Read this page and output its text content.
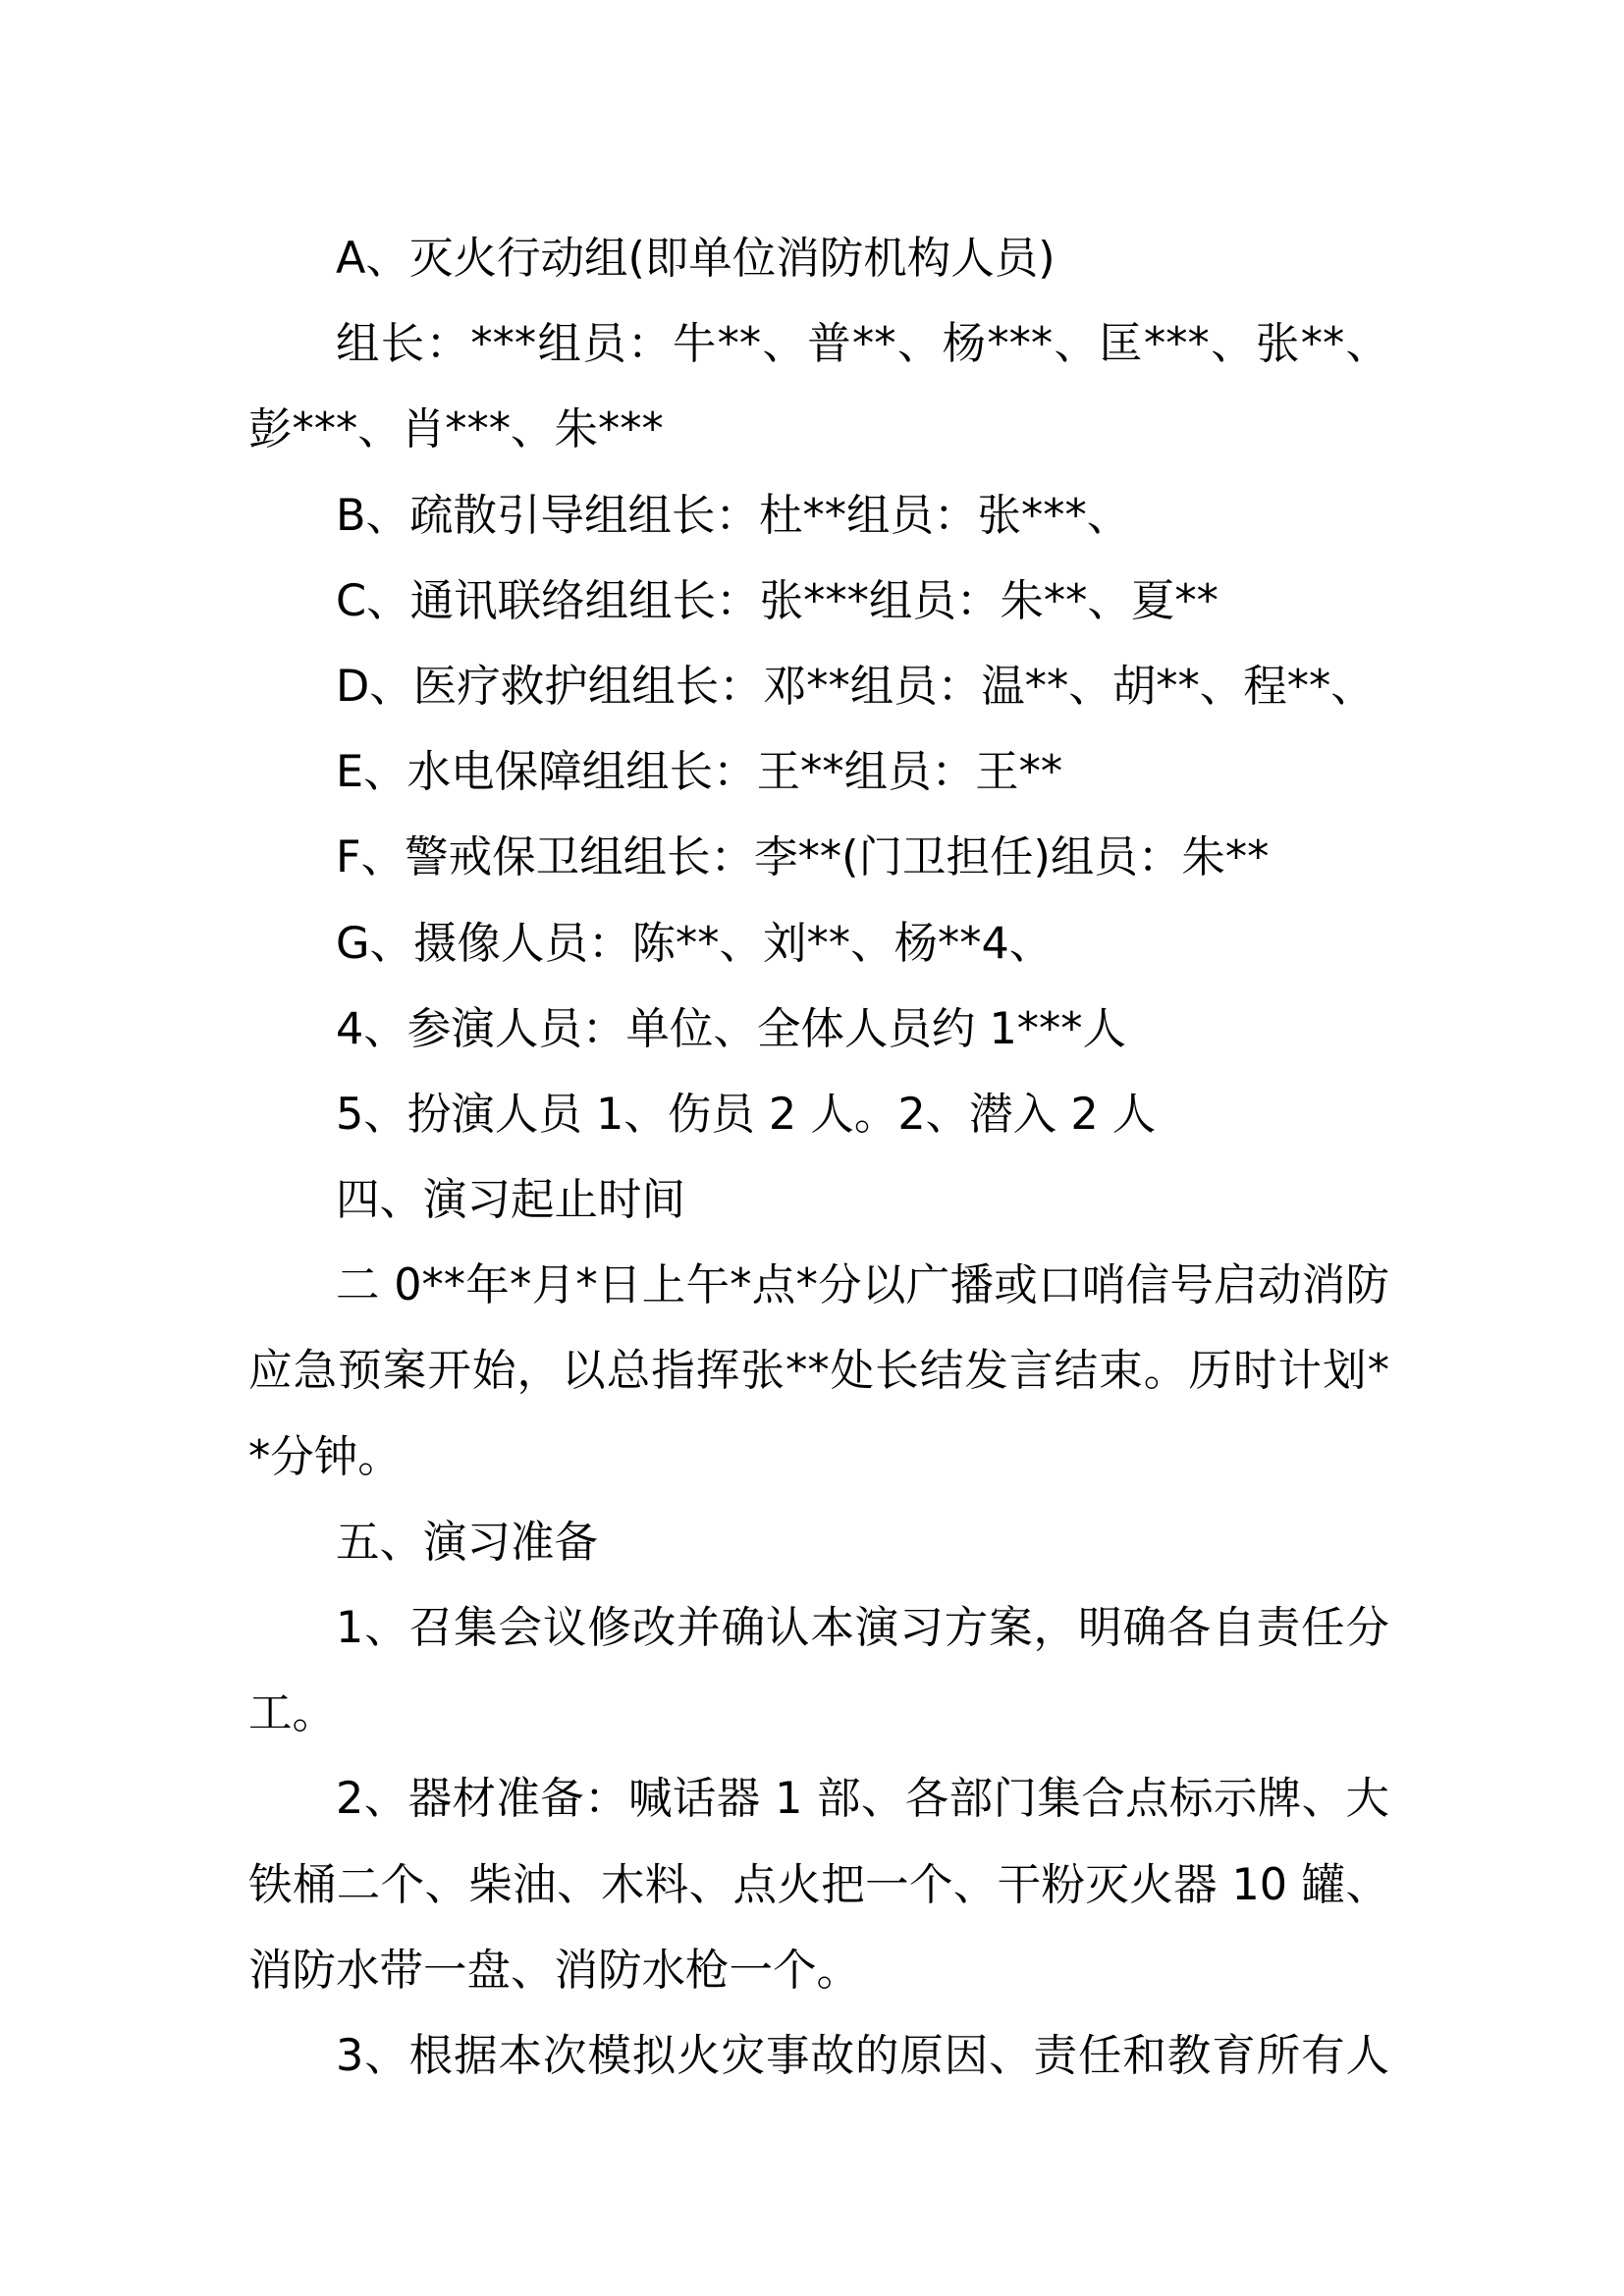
A、灭火行动组(即单位消防机构人员)
组长：***组员：牛**、普**、杨***、匡***、张**、
彭***、肖***、朱***
B、疏散引导组组长：杜**组员：张***、
C、通讯联络组组长：张***组员：朱**、夏**
D、医疗救护组组长：邓**组员：温**、胡**、程**、
E、水电保障组组长：王**组员：王**
F、警戒保卫组组长：李**(门卫担任)组员：朱**
G、摄像人员：陈**、刘**、杨**4、
4、参演人员：单位、全体人员约 1***人
5、扮演人员 1、伤员 2 人。2、潜入 2 人
四、演习起止时间
二 0**年*月*日上午*点*分以广播或口哨信号启动消防
应急预案开始，以总指挥张**处长结发言结束。历时计划*
*分钟。
五、演习准备
1、召集会议修改并确认本演习方案，明确各自责任分
工。
2、器材准备：喊话器 1 部、各部门集合点标示牌、大
铁桶二个、柴油、木料、点火把一个、干粉灭火器 10 罐、
消防水带一盘、消防水枪一个。
3、根据本次模拟火灾事故的原因、责任和教育所有人
